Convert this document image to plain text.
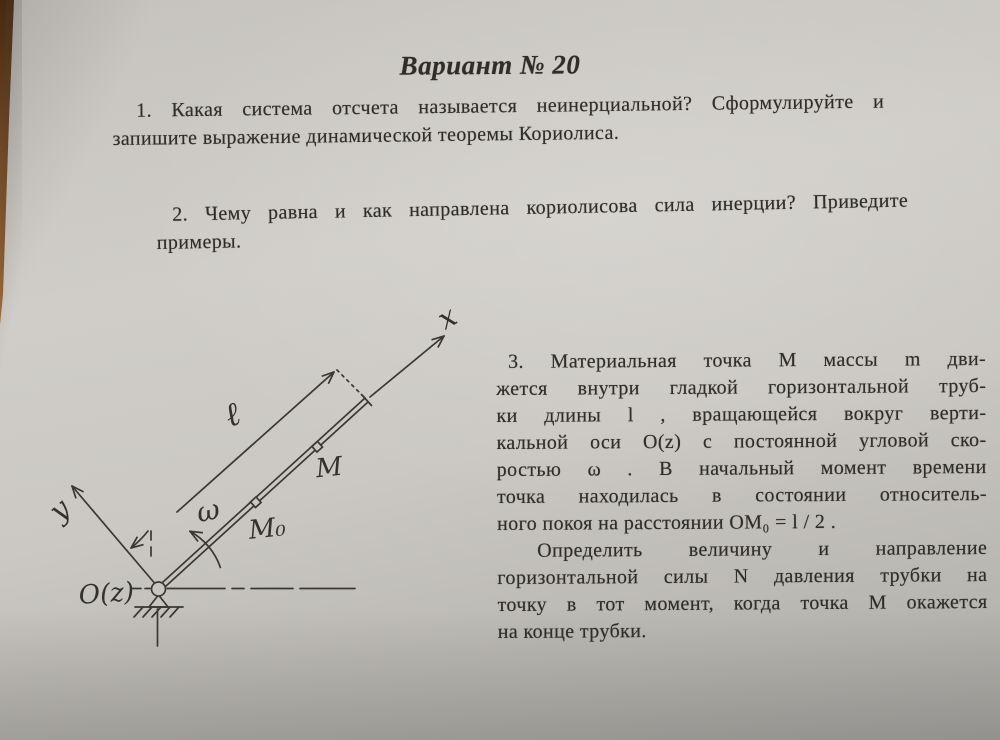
Вариант № 20
1. Какая система отсчета называется неинерциальной? Сформулируйте и
запишите выражение динамической теоремы Кориолиса.
2. Чему равна и как направлена кориолисова сила инерции? Приведите
примеры.
3. Материальная точка М массы m дви-
жется внутри гладкой горизонтальной труб-
ки длины l , вращающейся вокруг верти-
кальной оси O(z) с постоянной угловой ско-
ростью ω . В начальный момент времени
точка находилась в состоянии относитель-
ного покоя на расстоянии OM₀ = l / 2 .
Определить величину и направление
горизонтальной силы N давления трубки на
точку в тот момент, когда точка M окажется
на конце трубки.
O(z)
x
y
ℓ
ω M₀
M
